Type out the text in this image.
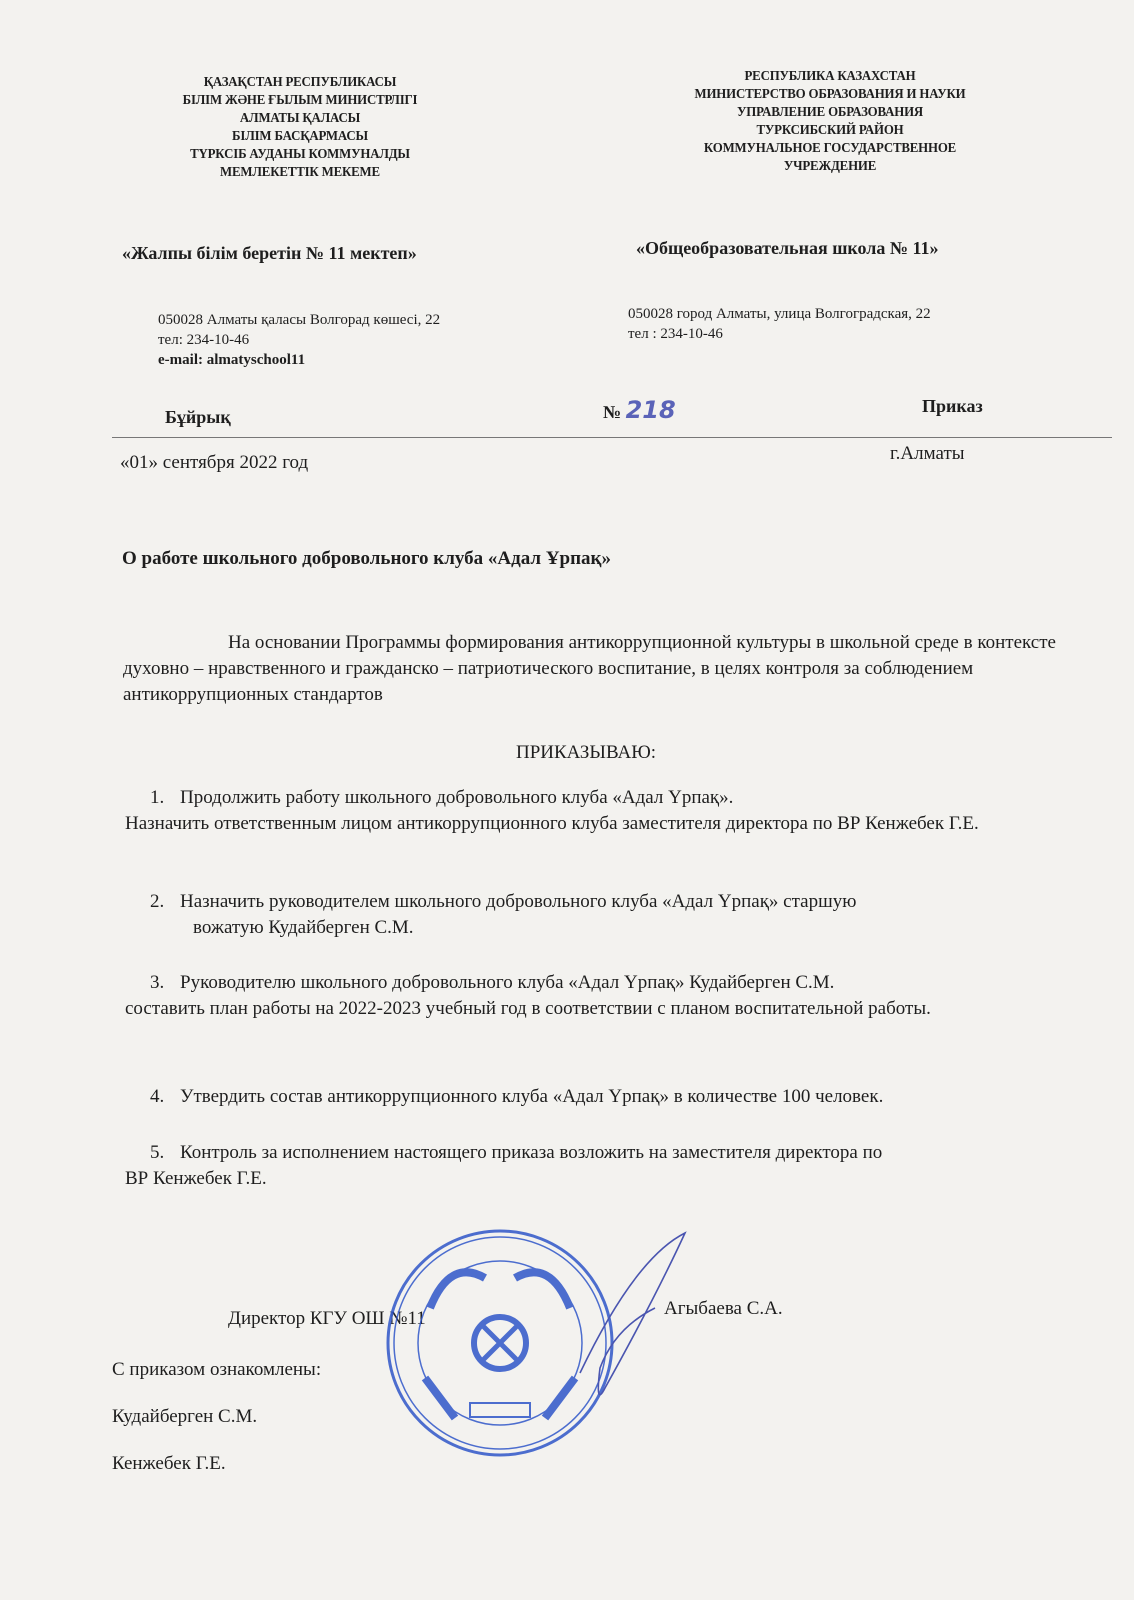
ҚАЗАҚСТАН РЕСПУБЛИКАСЫ
БІЛІМ ЖӘНЕ ҒЫЛЫМ МИНИСТРЛІГІ
АЛМАТЫ ҚАЛАСЫ
БІЛІМ БАСҚАРМАСЫ
ТҮРКСІБ АУДАНЫ КОММУНАЛДЫ
МЕМЛЕКЕТТІК МЕКЕМЕ
РЕСПУБЛИКА КАЗАХСТАН
МИНИСТЕРСТВО ОБРАЗОВАНИЯ И НАУКИ
УПРАВЛЕНИЕ ОБРАЗОВАНИЯ
ТУРКСИБСКИЙ РАЙОН
КОММУНАЛЬНОЕ ГОСУДАРСТВЕННОЕ
УЧРЕЖДЕНИЕ
«Жалпы білім беретін № 11 мектеп»	«Общеобразовательная школа № 11»
050028 Алматы қаласы Волгорад көшесі, 22
тел: 234-10-46
e-mail: almatyschool11
050028 город Алматы, улица Волгоградская, 22
тел : 234-10-46
Бұйрық	№ 218	Приказ
«01» сентября 2022 год	г.Алматы
О работе школьного добровольного клуба «Адал Ұрпақ»
На основании Программы формирования антикоррупционной культуры в школьной среде в контексте духовно – нравственного и гражданско – патриотического воспитание, в целях контроля за соблюдением антикоррупционных стандартов
ПРИКАЗЫВАЮ:
1. Продолжить работу школьного добровольного клуба «Адал Үрпақ».
Назначить ответственным лицом антикоррупционного клуба заместителя директора по ВР Кенжебек Г.Е.
2. Назначить руководителем школьного добровольного клуба «Адал Үрпақ» старшую
вожатую Кудайберген С.М.
3. Руководителю школьного добровольного клуба «Адал Үрпақ» Кудайберген С.М.
составить план работы на 2022-2023 учебный год в соответствии с планом воспитательной работы.
4. Утвердить состав антикоррупционного клуба «Адал Үрпақ» в количестве 100 человек.
5. Контроль за исполнением настоящего приказа возложить на заместителя директора по
ВР Кенжебек Г.Е.
Директор КГУ ОШ №11	Агыбаева С.А.
С приказом ознакомлены:
Кудайберген С.М.
Кенжебек Г.Е.
